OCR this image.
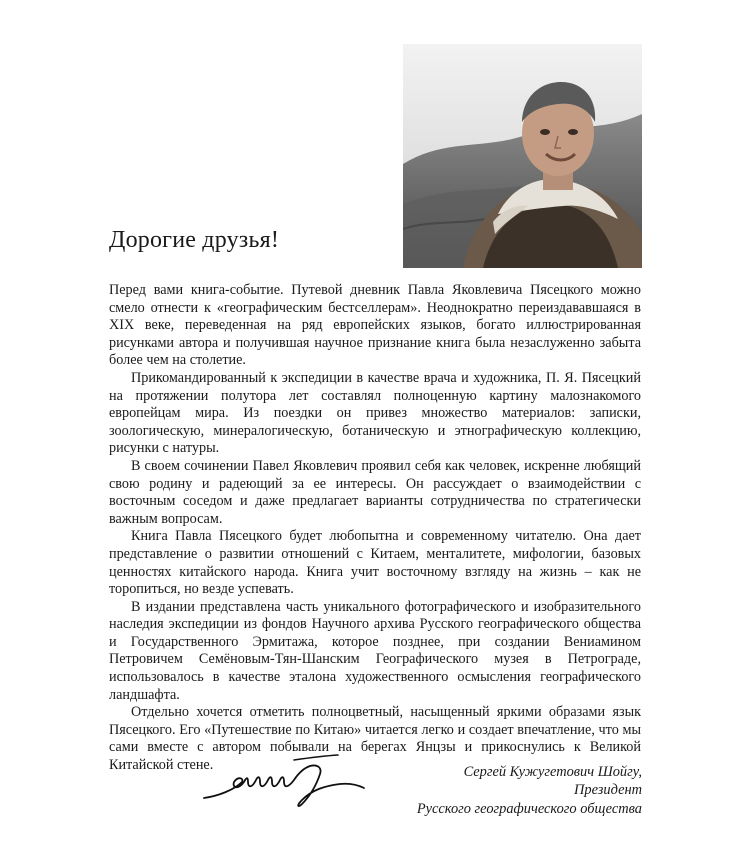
Дорогие друзья!

Перед вами книга-событие. Путевой дневник Павла Яковлевича Пясецкого можно смело отнести к «географическим бестселлерам». Неоднократно переиздававшаяся в XIX веке, переведенная на ряд европейских языков, богато иллюстрированная рисунками автора и получившая научное признание книга была незаслуженно забыта более чем на столетие.

Прикомандированный к экспедиции в качестве врача и художника, П. Я. Пясецкий на протяжении полутора лет составлял полноценную картину малознакомого европейцам мира. Из поездки он привез множество материалов: записки, зоологическую, минералогическую, ботаническую и этнографическую коллекцию, рисунки с натуры.

В своем сочинении Павел Яковлевич проявил себя как человек, искренне любящий свою родину и радеющий за ее интересы. Он рассуждает о взаимодействии с восточным соседом и даже предлагает варианты сотрудничества по стратегически важным вопросам.

Книга Павла Пясецкого будет любопытна и современному читателю. Она дает представление о развитии отношений с Китаем, менталитете, мифологии, базовых ценностях китайского народа. Книга учит восточному взгляду на жизнь – как не торопиться, но везде успевать.

В издании представлена часть уникального фотографического и изобразительного наследия экспедиции из фондов Научного архива Русского географического общества и Государственного Эрмитажа, которое позднее, при создании Вениамином Петровичем Семёновым-Тян-Шанским Географического музея в Петрограде, использовалось в качестве эталона художественного осмысления географического ландшафта.

Отдельно хочется отметить полноцветный, насыщенный яркими образами язык Пясецкого. Его «Путешествие по Китаю» читается легко и создает впечатление, что мы сами вместе с автором побывали на берегах Янцзы и прикоснулись к Великой Китайской стене.	Сергей Кужугетович Шойгу,
Президент
Русского географического общества
